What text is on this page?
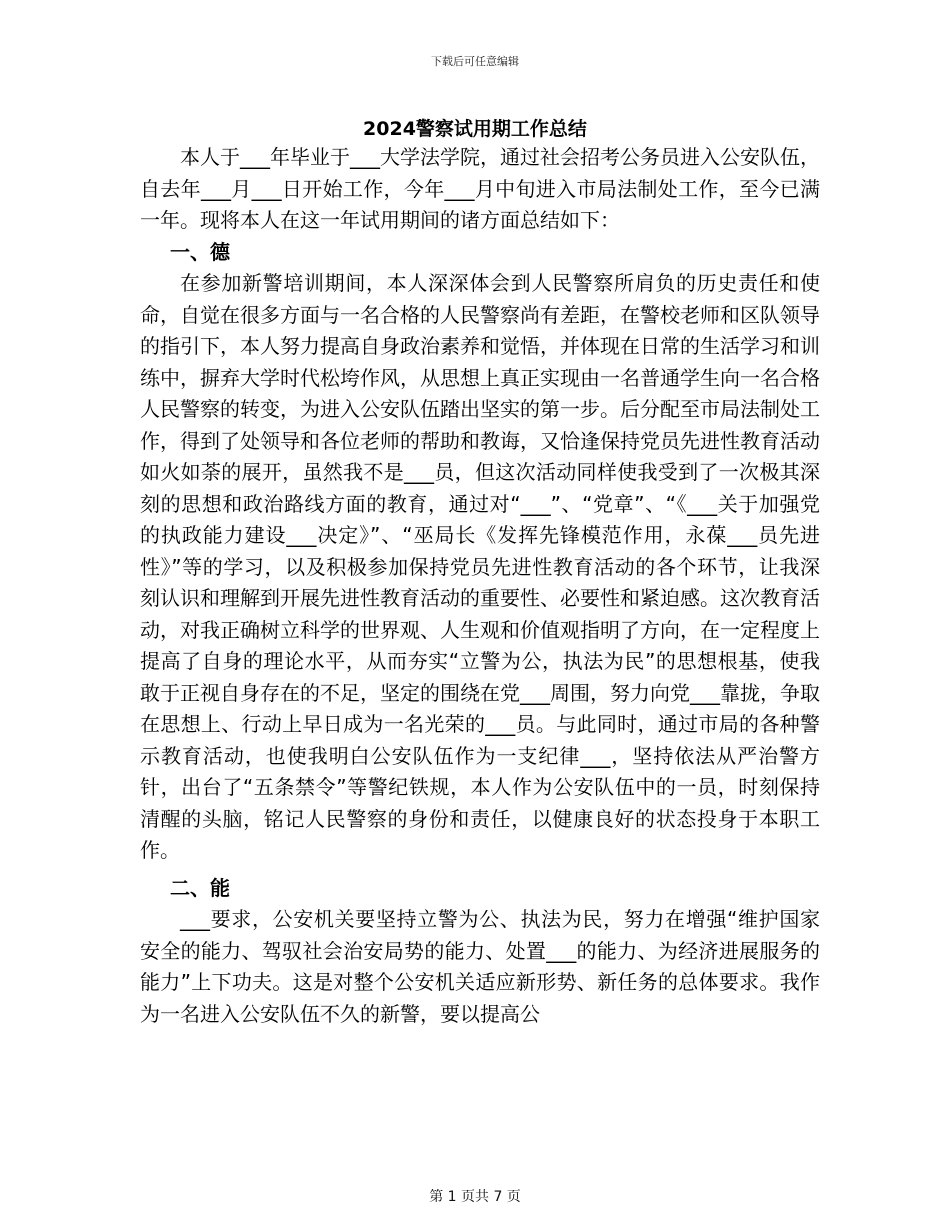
下载后可任意编辑
2024警察试用期工作总结

本人于___年毕业于___大学法学院，通过社会招考公务员进入公安队伍，自去年___月___日开始工作，今年___月中旬进入市局法制处工作，至今已满一年。现将本人在这一年试用期间的诸方面总结如下：

一、德

在参加新警培训期间，本人深深体会到人民警察所肩负的历史责任和使命，自觉在很多方面与一名合格的人民警察尚有差距，在警校老师和区队领导的指引下，本人努力提高自身政治素养和觉悟，并体现在日常的生活学习和训练中，摒弃大学时代松垮作风，从思想上真正实现由一名普通学生向一名合格人民警察的转变，为进入公安队伍踏出坚实的第一步。后分配至市局法制处工作，得到了处领导和各位老师的帮助和教诲，又恰逢保持党员先进性教育活动如火如荼的展开，虽然我不是___员，但这次活动同样使我受到了一次极其深刻的思想和政治路线方面的教育，通过对“___”、“党章”、“《___关于加强党的执政能力建设___决定》”、“巫局长《发挥先锋模范作用，永葆___员先进性》”等的学习，以及积极参加保持党员先进性教育活动的各个环节，让我深刻认识和理解到开展先进性教育活动的重要性、必要性和紧迫感。这次教育活动，对我正确树立科学的世界观、人生观和价值观指明了方向，在一定程度上提高了自身的理论水平，从而夯实“立警为公，执法为民”的思想根基，使我敢于正视自身存在的不足，坚定的围绕在党___周围，努力向党___靠拢，争取在思想上、行动上早日成为一名光荣的___员。与此同时，通过市局的各种警示教育活动，也使我明白公安队伍作为一支纪律___，坚持依法从严治警方针，出台了“五条禁令”等警纪铁规，本人作为公安队伍中的一员，时刻保持清醒的头脑，铭记人民警察的身份和责任，以健康良好的状态投身于本职工作。

二、能

___要求，公安机关要坚持立警为公、执法为民，努力在增强“维护国家安全的能力、驾驭社会治安局势的能力、处置___的能力、为经济进展服务的能力”上下功夫。这是对整个公安机关适应新形势、新任务的总体要求。我作为一名进入公安队伍不久的新警，要以提高公

第 1 页共 7 页
